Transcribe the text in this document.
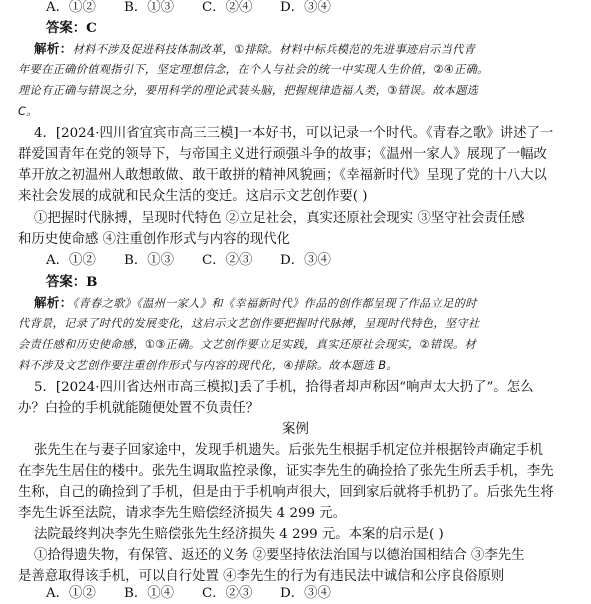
A．①② B．①③ C．②④ D．③④
答案：C
解析：材料不涉及促进科技体制改革，①排除。材料中标兵模范的先进事迹启示当代青
年要在正确价值观指引下，坚定理想信念，在个人与社会的统一中实现人生价值，②④正确。
理论有正确与错误之分，要用科学的理论武装头脑，把握规律造福人类，③错误。故本题选
C。
4．[2024·四川省宜宾市高三三模]一本好书，可以记录一个时代。《青春之歌》讲述了一
群爱国青年在党的领导下，与帝国主义进行顽强斗争的故事；《温州一家人》展现了一幅改
革开放之初温州人敢想敢做、敢干敢拼的精神风貌画；《幸福新时代》呈现了党的十八大以
来社会发展的成就和民众生活的变迁。这启示文艺创作要( )
①把握时代脉搏，呈现时代特色 ②立足社会，真实还原社会现实 ③坚守社会责任感
和历史使命感 ④注重创作形式与内容的现代化
A．①② B．①③ C．②③ D．③④
答案：B
解析：《青春之歌》《温州一家人》和《幸福新时代》作品的创作都呈现了作品立足的时
代背景，记录了时代的发展变化，这启示文艺创作要把握时代脉搏，呈现时代特色，坚守社
会责任感和历史使命感，①③正确。文艺创作要立足实践，真实还原社会现实，②错误。材
料不涉及文艺创作要注重创作形式与内容的现代化，④排除。故本题选 B。
5．[2024·四川省达州市高三模拟]丢了手机，拾得者却声称因“响声太大扔了”。怎么
办？白捡的手机就能随便处置不负责任？
案例
张先生在与妻子回家途中，发现手机遗失。后张先生根据手机定位并根据铃声确定手机
在李先生居住的楼中。张先生调取监控录像，证实李先生的确捡拾了张先生所丢手机，李先
生称，自己的确捡到了手机，但是由于手机响声很大，回到家后就将手机扔了。后张先生将
李先生诉至法院，请求李先生赔偿经济损失 4 299 元。
法院最终判决李先生赔偿张先生经济损失 4 299 元。本案的启示是( )
①拾得遗失物，有保管、返还的义务 ②要坚持依法治国与以德治国相结合 ③李先生
是善意取得该手机，可以自行处置 ④李先生的行为有违民法中诚信和公序良俗原则
A．①② B．①④ C．②③ D．③④
